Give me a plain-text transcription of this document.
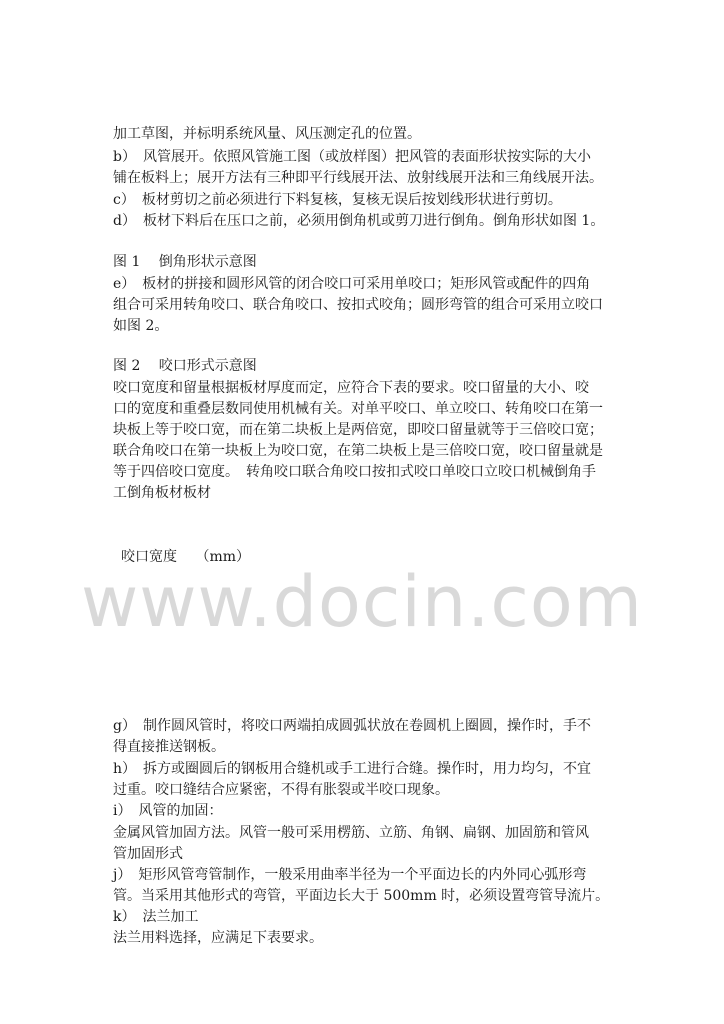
加工草图，并标明系统风量、风压测定孔的位置。
b）　风管展开。依照风管施工图（或放样图）把风管的表面形状按实际的大小
铺在板料上；展开方法有三种即平行线展开法、放射线展开法和三角线展开法。
c）　板材剪切之前必须进行下料复核，复核无误后按划线形状进行剪切。
d）　板材下料后在压口之前，必须用倒角机或剪刀进行倒角。倒角形状如图 1。
图 1　 倒角形状示意图
e）　板材的拼接和圆形风管的闭合咬口可采用单咬口；矩形风管或配件的四角
组合可采用转角咬口、联合角咬口、按扣式咬角；圆形弯管的组合可采用立咬口
如图 2。
图 2　 咬口形式示意图
咬口宽度和留量根据板材厚度而定，应符合下表的要求。咬口留量的大小、咬
口的宽度和重叠层数同使用机械有关。对单平咬口、单立咬口、转角咬口在第一
块板上等于咬口宽，而在第二块板上是两倍宽，即咬口留量就等于三倍咬口宽；
联合角咬口在第一块板上为咬口宽，在第二块板上是三倍咬口宽，咬口留量就是
等于四倍咬口宽度。　转角咬口联合角咬口按扣式咬口单咬口立咬口机械倒角手
工倒角板材板材
咬口宽度　 （mm）
www.docin.com
g）　制作圆风管时，将咬口两端拍成圆弧状放在卷圆机上圈圆，操作时，手不
得直接推送钢板。
h）　拆方或圈圆后的钢板用合缝机或手工进行合缝。操作时，用力均匀，不宜
过重。咬口缝结合应紧密，不得有胀裂或半咬口现象。
i）　风管的加固：
金属风管加固方法。风管一般可采用楞筋、立筋、角钢、扁钢、加固筋和管风
管加固形式
j）　矩形风管弯管制作，一般采用曲率半径为一个平面边长的内外同心弧形弯
管。当采用其他形式的弯管，平面边长大于 500mm 时，必须设置弯管导流片。
k）　法兰加工
法兰用料选择，应满足下表要求。
